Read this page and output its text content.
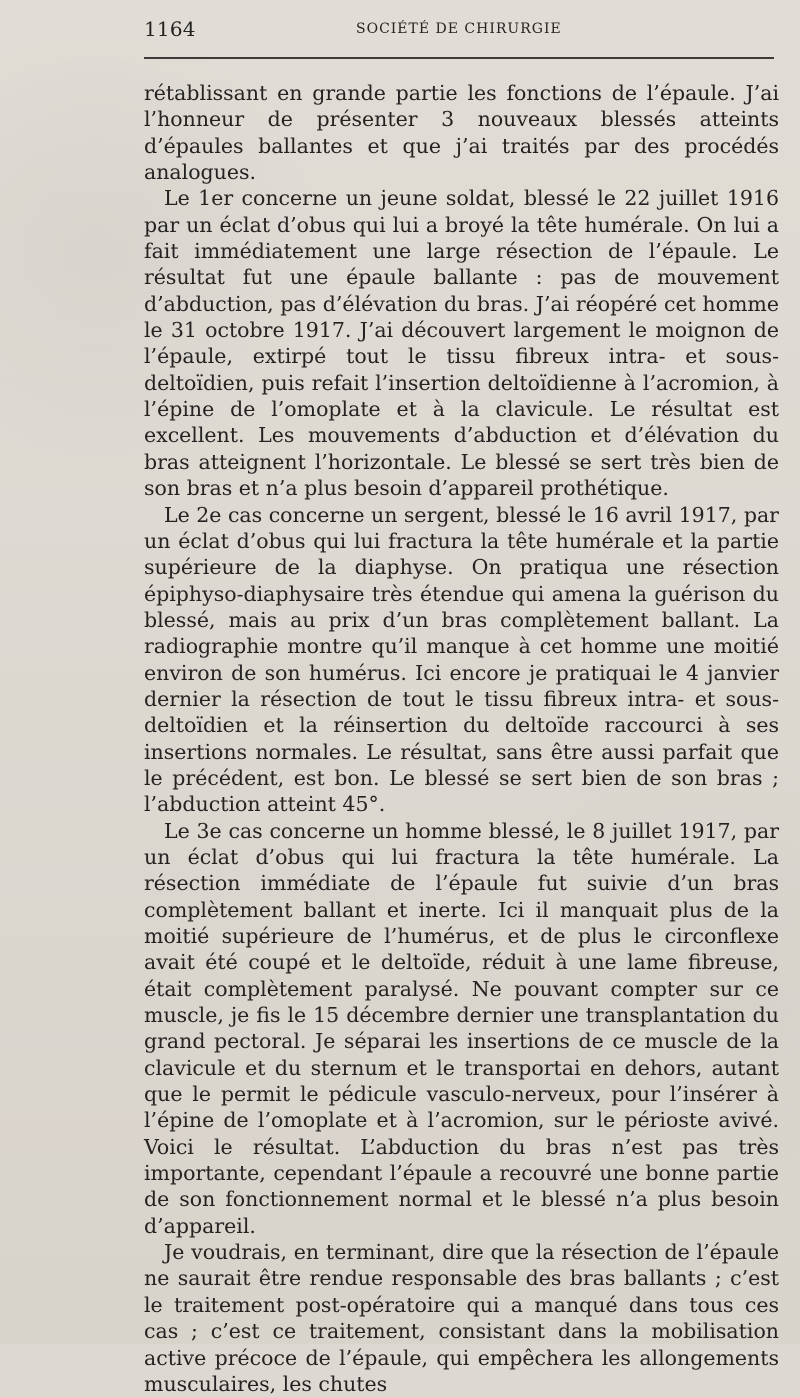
1164	SOCIÉTÉ DE CHIRURGIE

rétablissant en grande partie les fonctions de l’épaule. J’ai l’honneur de présenter 3 nouveaux blessés atteints d’épaules ballantes et que j’ai traités par des procédés analogues.

Le 1er concerne un jeune soldat, blessé le 22 juillet 1916 par un éclat d’obus qui lui a broyé la tête humérale. On lui a fait immédiatement une large résection de l’épaule. Le résultat fut une épaule ballante : pas de mouvement d’abduction, pas d’élévation du bras. J’ai réopéré cet homme le 31 octobre 1917. J’ai découvert largement le moignon de l’épaule, extirpé tout le tissu fibreux intra- et sous-deltoïdien, puis refait l’insertion deltoïdienne à l’acromion, à l’épine de l’omoplate et à la clavicule. Le résultat est excellent. Les mouvements d’abduction et d’élévation du bras atteignent l’horizontale. Le blessé se sert très bien de son bras et n’a plus besoin d’appareil prothétique.

Le 2e cas concerne un sergent, blessé le 16 avril 1917, par un éclat d’obus qui lui fractura la tête humérale et la partie supérieure de la diaphyse. On pratiqua une résection épiphyso-diaphysaire très étendue qui amena la guérison du blessé, mais au prix d’un bras complètement ballant. La radiographie montre qu’il manque à cet homme une moitié environ de son humérus. Ici encore je pratiquai le 4 janvier dernier la résection de tout le tissu fibreux intra- et sous-deltoïdien et la réinsertion du deltoïde raccourci à ses insertions normales. Le résultat, sans être aussi parfait que le précédent, est bon. Le blessé se sert bien de son bras ; l’abduction atteint 45°.

Le 3e cas concerne un homme blessé, le 8 juillet 1917, par un éclat d’obus qui lui fractura la tête humérale. La résection immédiate de l’épaule fut suivie d’un bras complètement ballant et inerte. Ici il manquait plus de la moitié supérieure de l’humérus, et de plus le circonflexe avait été coupé et le deltoïde, réduit à une lame fibreuse, était complètement paralysé. Ne pouvant compter sur ce muscle, je fis le 15 décembre dernier une transplantation du grand pectoral. Je séparai les insertions de ce muscle de la clavicule et du sternum et le transportai en dehors, autant que le permit le pédicule vasculo-nerveux, pour l’insérer à l’épine de l’omoplate et à l’acromion, sur le périoste avivé. Voici le résultat. L’abduction du bras n’est pas très importante, cependant l’épaule a recouvré une bonne partie de son fonctionnement normal et le blessé n’a plus besoin d’appareil.

Je voudrais, en terminant, dire que la résection de l’épaule ne saurait être rendue responsable des bras ballants ; c’est le traitement post-opératoire qui a manqué dans tous ces cas ; c’est ce traitement, consistant dans la mobilisation active précoce de l’épaule, qui empêchera les allongements musculaires, les chutes
